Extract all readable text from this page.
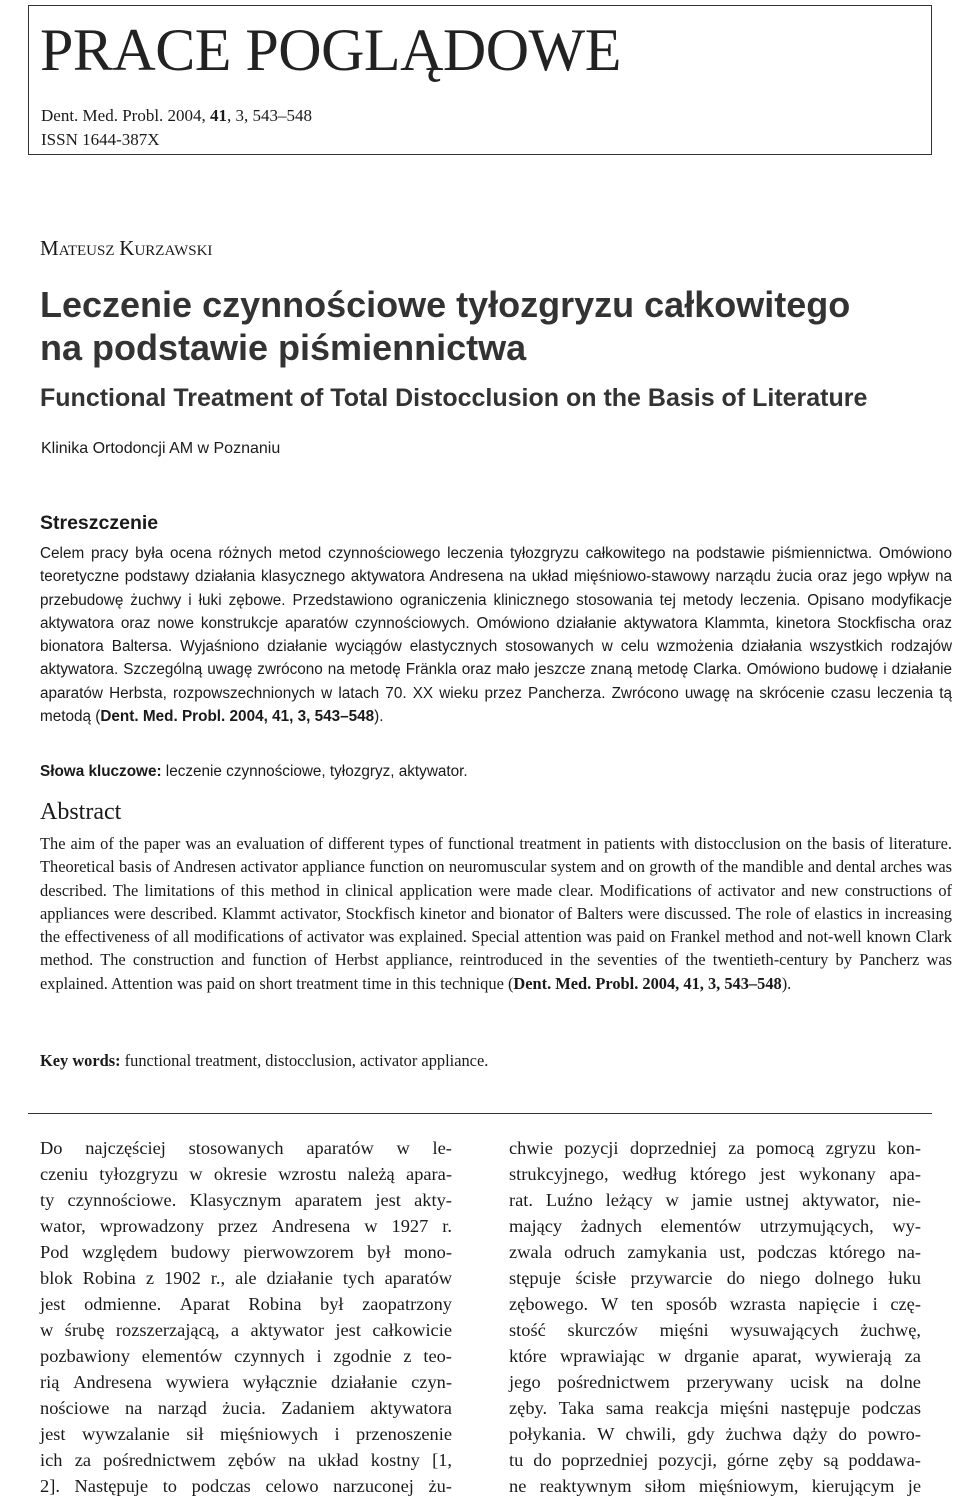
PRACE POGLĄDOWE
Dent. Med. Probl. 2004, 41, 3, 543–548
ISSN 1644-387X
MATEUSZ KURZAWSKI
Leczenie czynnościowe tyłozgryzu całkowitego
na podstawie piśmiennictwa
Functional Treatment of Total Distocclusion on the Basis of Literature
Klinika Ortodoncji AM w Poznaniu
Streszczenie
Celem pracy była ocena różnych metod czynnościowego leczenia tyłozgryzu całkowitego na podstawie piśmiennictwa. Omówiono teoretyczne podstawy działania klasycznego aktywatora Andresena na układ mięśniowo-stawowy narządu żucia oraz jego wpływ na przebudowę żuchwy i łuki zębowe. Przedstawiono ograniczenia klinicznego stosowania tej metody leczenia. Opisano modyfikacje aktywatora oraz nowe konstrukcje aparatów czynnościowych. Omówiono działanie aktywatora Klammta, kinetora Stockfischa oraz bionatora Baltersa. Wyjaśniono działanie wyciągów elastycznych stosowanych w celu wzmożenia działania wszystkich rodzajów aktywatora. Szczególną uwagę zwrócono na metodę Fränkla oraz mało jeszcze znaną metodę Clarka. Omówiono budowę i działanie aparatów Herbsta, rozpowszechnionych w latach 70. XX wieku przez Pancherza. Zwrócono uwagę na skrócenie czasu leczenia tą metodą (Dent. Med. Probl. 2004, 41, 3, 543–548).
Słowa kluczowe: leczenie czynnościowe, tyłozgryz, aktywator.
Abstract
The aim of the paper was an evaluation of different types of functional treatment in patients with distocclusion on the basis of literature. Theoretical basis of Andresen activator appliance function on neuromuscular system and on growth of the mandible and dental arches was described. The limitations of this method in clinical application were made clear. Modifications of activator and new constructions of appliances were described. Klammt activator, Stockfisch kinetor and bionator of Balters were discussed. The role of elastics in increasing the effectiveness of all modifications of activator was explained. Special attention was paid on Frankel method and not-well known Clark method. The construction and function of Herbst appliance, reintroduced in the seventies of the twentieth-century by Pancherz was explained. Attention was paid on short treatment time in this technique (Dent. Med. Probl. 2004, 41, 3, 543–548).
Key words: functional treatment, distocclusion, activator appliance.
Do najczęściej stosowanych aparatów w le-
czeniu tyłozgryzu w okresie wzrostu należą apara-
ty czynnościowe. Klasycznym aparatem jest akty-
wator, wprowadzony przez Andresena w 1927 r.
Pod względem budowy pierwowzorem był mono-
blok Robina z 1902 r., ale działanie tych aparatów
jest odmienne. Aparat Robina był zaopatrzony
w śrubę rozszerzającą, a aktywator jest całkowicie
pozbawiony elementów czynnych i zgodnie z teo-
rią Andresena wywiera wyłącznie działanie czyn-
nościowe na narząd żucia. Zadaniem aktywatora
jest wywzalanie sił mięśniowych i przenoszenie
ich za pośrednictwem zębów na układ kostny [1,
2]. Następuje to podczas celowo narzuconej żu-
chwie pozycji doprzedniej za pomocą zgryzu kon-
strukcyjnego, według którego jest wykonany apa-
rat. Luźno leżący w jamie ustnej aktywator, nie-
mający żadnych elementów utrzymujących, wy-
zwala odruch zamykania ust, podczas którego na-
stępuje ścisłe przywarcie do niego dolnego łuku
zębowego. W ten sposób wzrasta napięcie i czę-
stość skurczów mięśni wysuwających żuchwę,
które wprawiając w drganie aparat, wywierają za
jego pośrednictwem przerywany ucisk na dolne
zęby. Taka sama reakcja mięśni następuje podczas
połykania. W chwili, gdy żuchwa dąży do powro-
tu do poprzedniej pozycji, górne zęby są poddawa-
ne reaktywnym siłom mięśniowym, kierującym je
